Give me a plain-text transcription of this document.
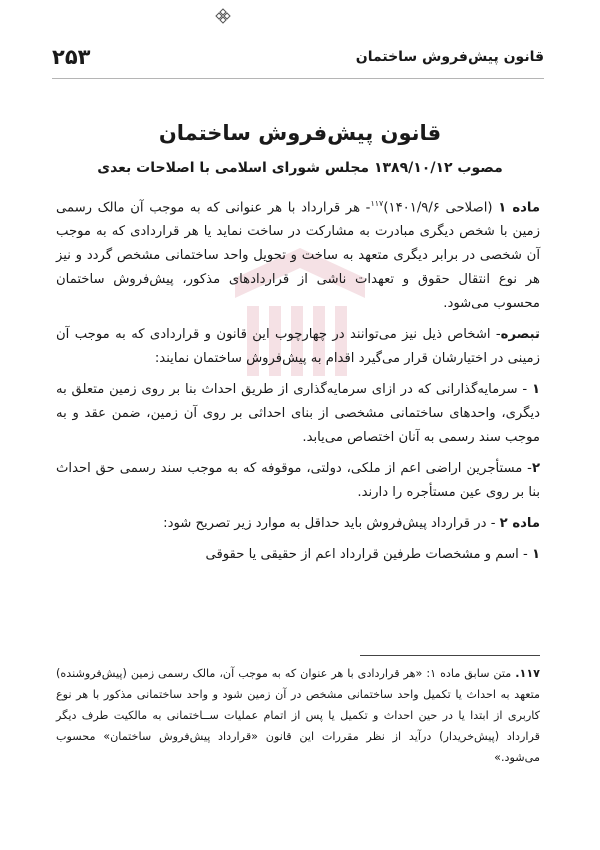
قانون پیش‌فروش ساختمان
۲۵۳
قانون پیش‌فروش ساختمان
مصوب ۱۳۸۹/۱۰/۱۲ مجلس شورای اسلامی با اصلاحات بعدی

ماده ۱ (اصلاحی ۱۴۰۱/۹/۶)$^{۱۱۷}$- هر قرارداد با هر عنوانی که به موجب آن مالک رسمی زمین با شخص دیگری مبادرت به مشارکت در ساخت نماید یا هر قراردادی که به موجب آن شخصی در برابر دیگری متعهد به ساخت و تحویل واحد ساختمانی مشخص گردد و نیز هر نوع انتقال حقوق و تعهدات ناشی از قراردادهای مذکور، پیش‌فروش ساختمان محسوب می‌شود.

تبصره- اشخاص ذیل نیز می‌توانند در چهارچوب این قانون و قراردادی که به موجب آن زمینی در اختیارشان قرار می‌گیرد اقدام به پیش‌فروش ساختمان نمایند:

۱ - سرمایه‌گذارانی که در ازای سرمایه‌گذاری از طریق احداث بنا بر روی زمین متعلق به دیگری، واحدهای ساختمانی مشخصی از بنای احداثی بر روی آن زمین، ضمن عقد و به موجب سند رسمی به آنان اختصاص می‌یابد.

۲- مستأجرین اراضی اعم از ملکی، دولتی، موقوفه که به موجب سند رسمی حق احداث بنا بر روی عین مستأجره را دارند.

ماده ۲ - در قرارداد پیش‌فروش باید حداقل به موارد زیر تصریح شود:

۱ - اسم و مشخصات طرفین قرارداد اعم از حقیقی یا حقوقی

۱۱۷. متن سابق ماده ۱: «هر قراردادی با هر عنوان که به موجب آن، مالک رسمی زمین (پیش‌فروشنده) متعهد به احداث یا تکمیل واحد ساختمانی مشخص در آن زمین شود و واحد ساختمانی مذکور با هر نوع کاربری از ابتدا یا در حین احداث و تکمیل یا پس از اتمام عملیات ســاختمانی به مالکیت طرف دیگر قرارداد (پیش‌خریدار) درآید از نظر مقررات این قانون «قرارداد پیش‌فروش ساختمان» محسوب می‌شود.»
